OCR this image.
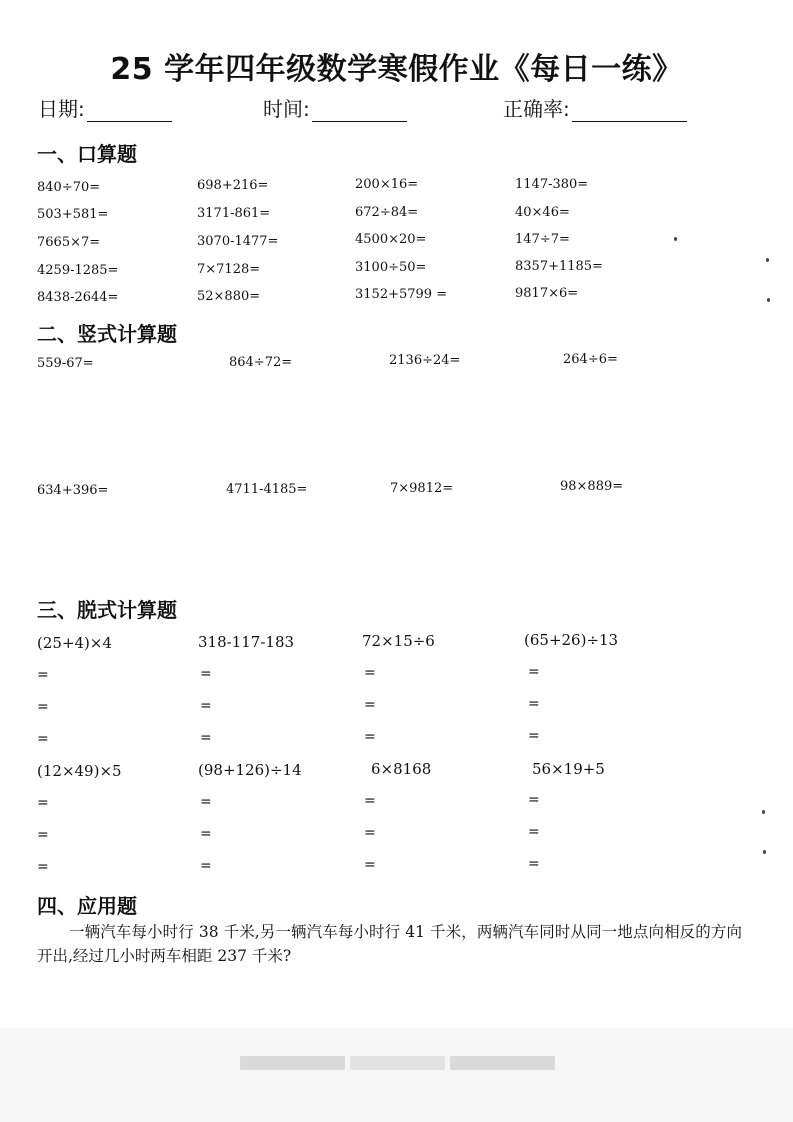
25 学年四年级数学寒假作业《每日一练》
日期:	时间:	正确率:
一、口算题
840÷70=	698+216=	200×16=	1147-380=
503+581=	3171-861=	672÷84=	40×46=
7665×7=	3070-1477=	4500×20=	147÷7=
4259-1285=	7×7128=	3100÷50=	8357+1185=
8438-2644=	52×880=	3152+5799 =	9817×6=
二、竖式计算题
559-67=	864÷72=	2136÷24=	264÷6=
634+396=	4711-4185=	7×9812=	98×889=
三、脱式计算题
(25+4)×4	318-117-183	72×15÷6	(65+26)÷13
=	=	=	=
=	=	=	=
=	=	=	=
(12×49)×5	(98+126)÷14	6×8168	56×19+5
=	=	=	=
=	=	=	=
=	=	=	=
四、应用题

一辆汽车每小时行 38 千米,另一辆汽车每小时行 41 千米，两辆汽车同时从同一地点向相反的方向开出,经过几小时两车相距 237 千米?
